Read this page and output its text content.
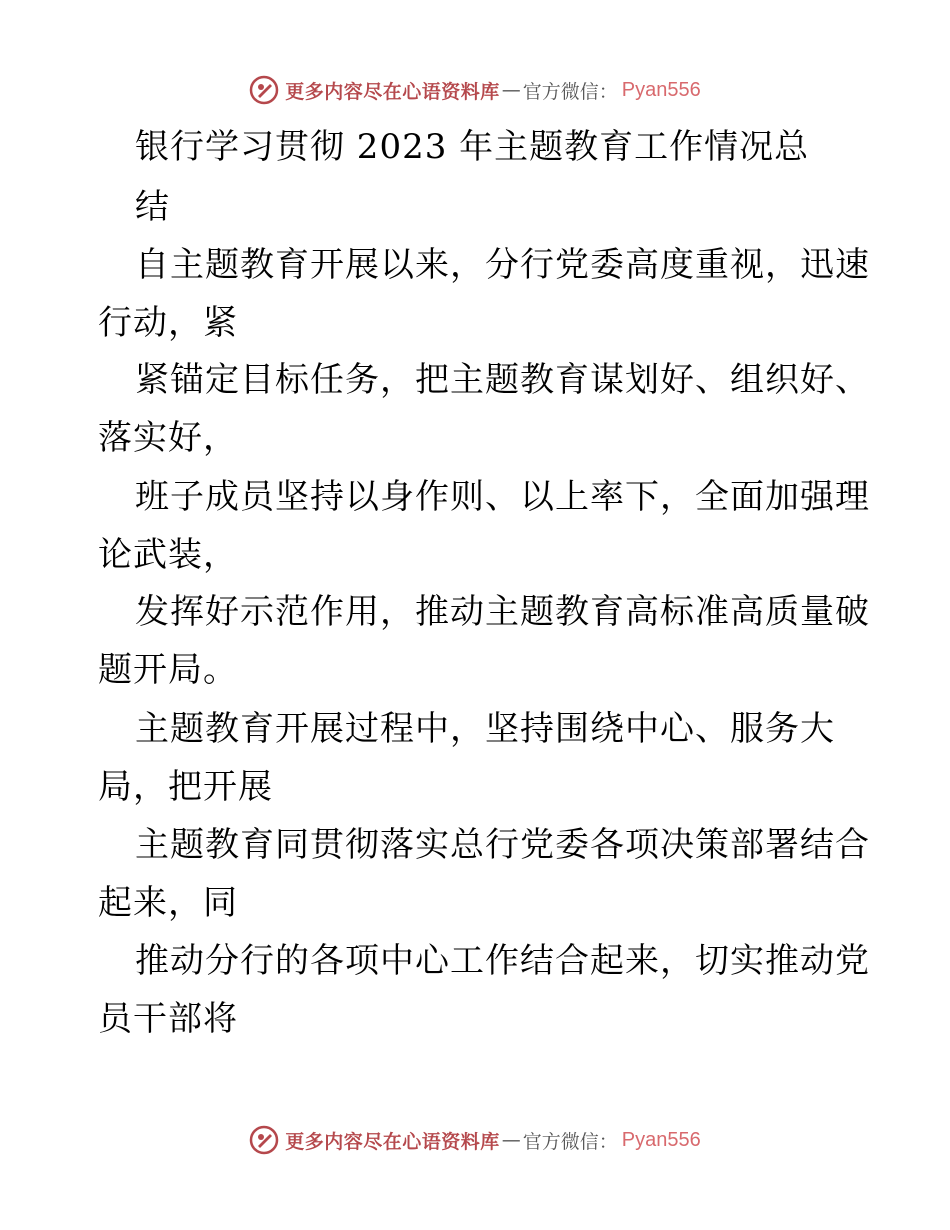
更多内容尽在心语资料库 — 官方微信： Pyan556
银行学习贯彻 2023 年主题教育工作情况总
结
自主题教育开展以来，分行党委高度重视，迅速
行动，紧
紧锚定目标任务，把主题教育谋划好、组织好、
落实好，
班子成员坚持以身作则、以上率下，全面加强理
论武装，
发挥好示范作用，推动主题教育高标准高质量破
题开局。
主题教育开展过程中，坚持围绕中心、服务大
局，把开展
主题教育同贯彻落实总行党委各项决策部署结合
起来，同
推动分行的各项中心工作结合起来，切实推动党
员干部将
更多内容尽在心语资料库 — 官方微信： Pyan556
